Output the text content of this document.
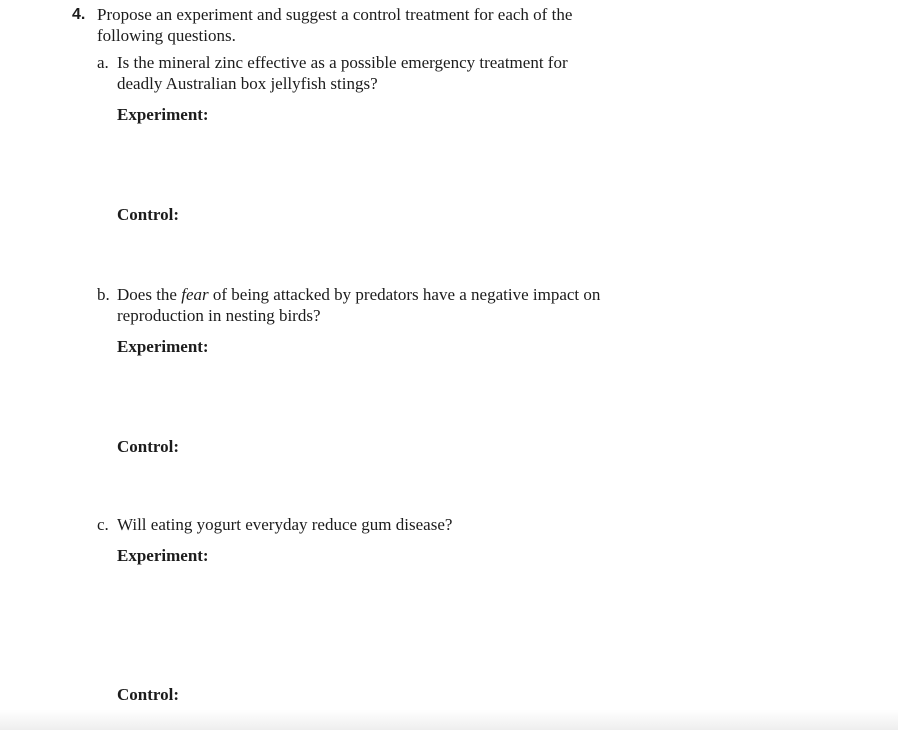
4. Propose an experiment and suggest a control treatment for each of the following questions.
a. Is the mineral zinc effective as a possible emergency treatment for deadly Australian box jellyfish stings?
Experiment:
Control:
b. Does the fear of being attacked by predators have a negative impact on reproduction in nesting birds?
Experiment:
Control:
c. Will eating yogurt everyday reduce gum disease?
Experiment:
Control:
